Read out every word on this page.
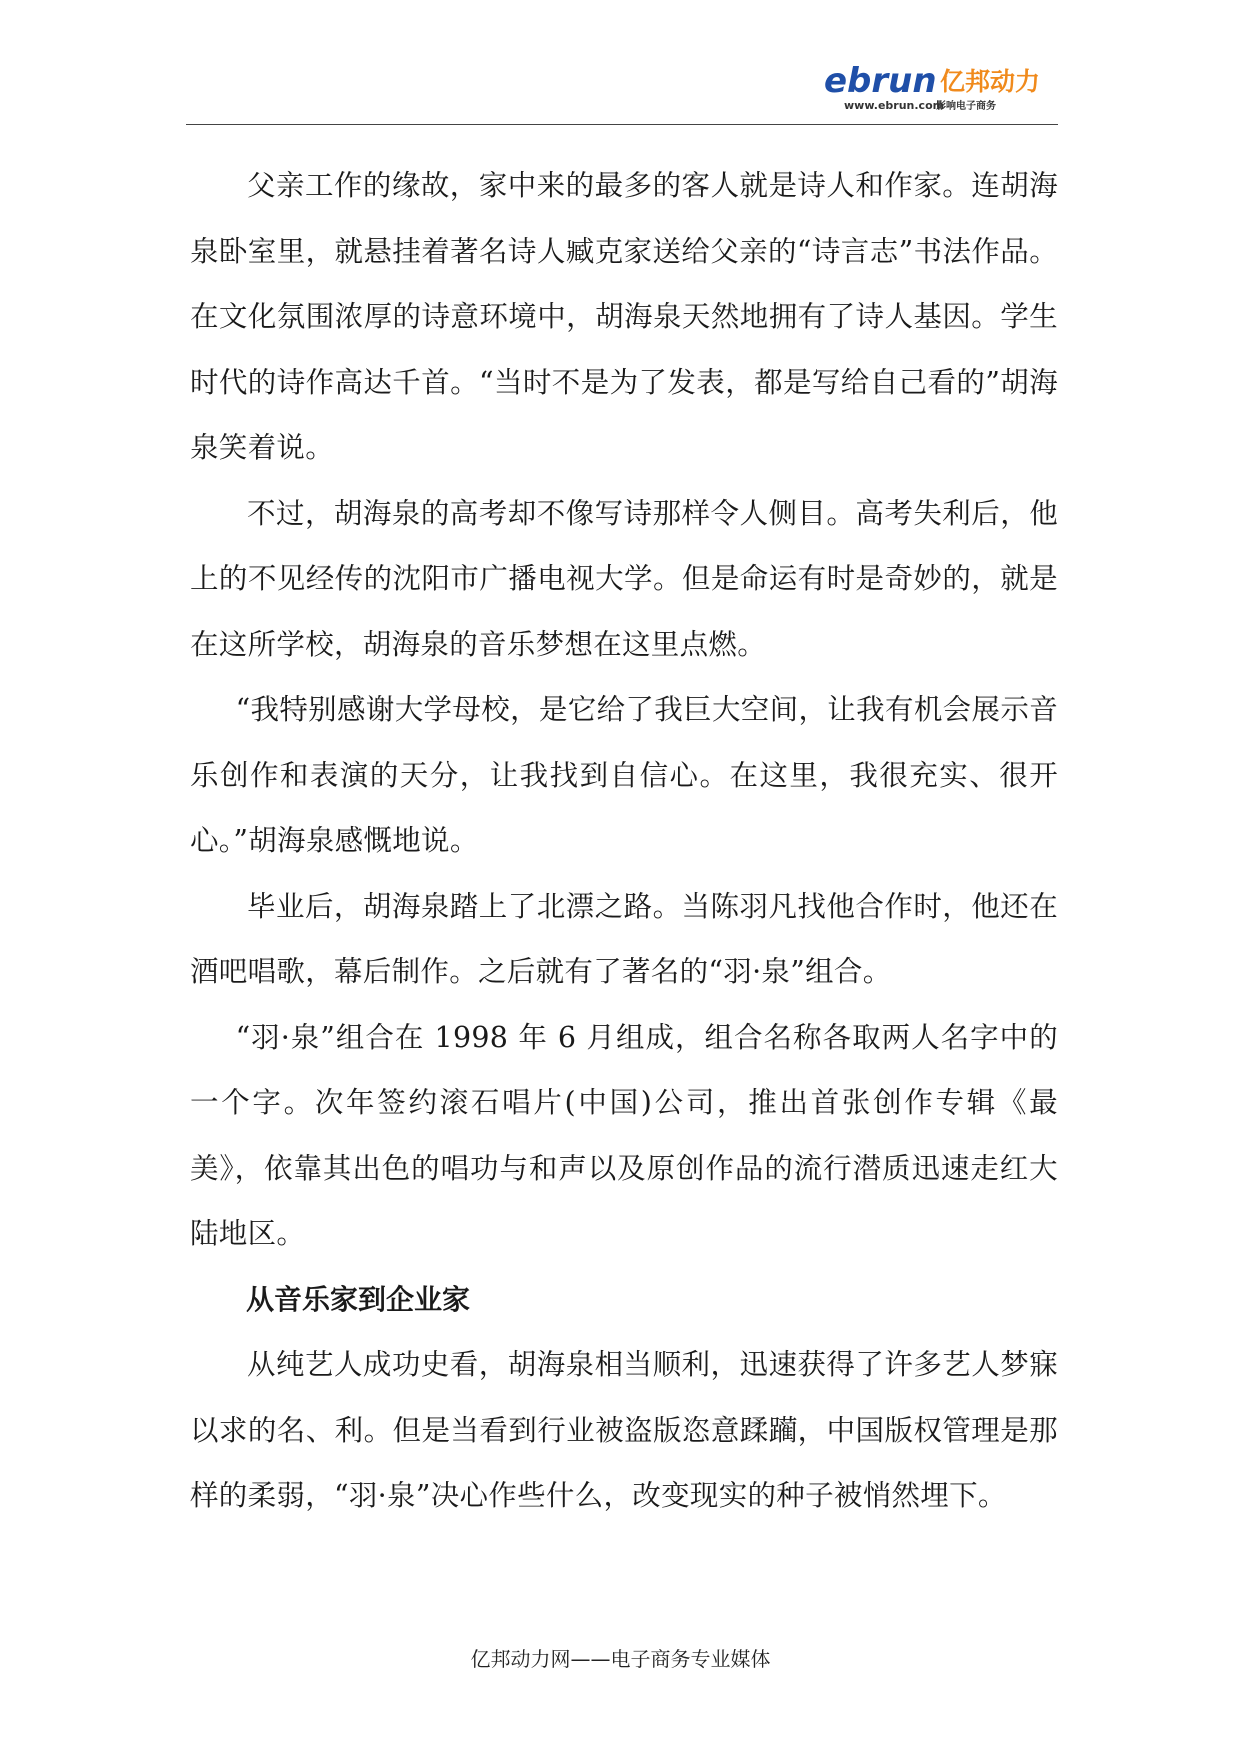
ebrun 亿邦动力
www.ebrun.com
影响电子商务

父亲工作的缘故，家中来的最多的客人就是诗人和作家。连胡海泉卧室里，就悬挂着著名诗人臧克家送给父亲的“诗言志”书法作品。在文化氛围浓厚的诗意环境中，胡海泉天然地拥有了诗人基因。学生时代的诗作高达千首。“当时不是为了发表，都是写给自己看的”胡海泉笑着说。

不过，胡海泉的高考却不像写诗那样令人侧目。高考失利后，他上的不见经传的沈阳市广播电视大学。但是命运有时是奇妙的，就是在这所学校，胡海泉的音乐梦想在这里点燃。

“我特别感谢大学母校，是它给了我巨大空间，让我有机会展示音乐创作和表演的天分，让我找到自信心。在这里，我很充实、很开心。”胡海泉感慨地说。

毕业后，胡海泉踏上了北漂之路。当陈羽凡找他合作时，他还在酒吧唱歌，幕后制作。之后就有了著名的“羽·泉”组合。

“羽·泉”组合在 1998 年 6 月组成，组合名称各取两人名字中的一个字。次年签约滚石唱片(中国)公司，推出首张创作专辑《最美》，依靠其出色的唱功与和声以及原创作品的流行潜质迅速走红大陆地区。

从音乐家到企业家

从纯艺人成功史看，胡海泉相当顺利，迅速获得了许多艺人梦寐以求的名、利。但是当看到行业被盗版恣意蹂躏，中国版权管理是那样的柔弱，“羽·泉”决心作些什么，改变现实的种子被悄然埋下。

亿邦动力网——电子商务专业媒体
